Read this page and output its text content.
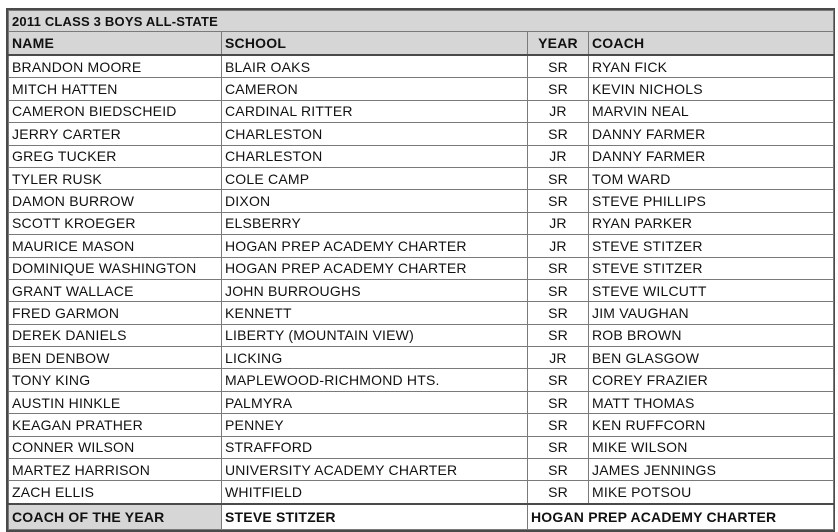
2011 CLASS 3 BOYS ALL-STATE			
NAME	SCHOOL	YEAR	COACH
BRANDON MOORE	BLAIR OAKS	SR	RYAN FICK
MITCH HATTEN	CAMERON	SR	KEVIN NICHOLS
CAMERON BIEDSCHEID	CARDINAL RITTER	JR	MARVIN NEAL
JERRY CARTER	CHARLESTON	SR	DANNY FARMER
GREG TUCKER	CHARLESTON	JR	DANNY FARMER
TYLER RUSK	COLE CAMP	SR	TOM WARD
DAMON BURROW	DIXON	SR	STEVE PHILLIPS
SCOTT KROEGER	ELSBERRY	JR	RYAN PARKER
MAURICE MASON	HOGAN PREP ACADEMY CHARTER	JR	STEVE STITZER
DOMINIQUE WASHINGTON	HOGAN PREP ACADEMY CHARTER	SR	STEVE STITZER
GRANT WALLACE	JOHN BURROUGHS	SR	STEVE WILCUTT
FRED GARMON	KENNETT	SR	JIM VAUGHAN
DEREK DANIELS	LIBERTY (MOUNTAIN VIEW)	SR	ROB BROWN
BEN DENBOW	LICKING	JR	BEN GLASGOW
TONY KING	MAPLEWOOD-RICHMOND HTS.	SR	COREY FRAZIER
AUSTIN HINKLE	PALMYRA	SR	MATT THOMAS
KEAGAN PRATHER	PENNEY	SR	KEN RUFFCORN
CONNER WILSON	STRAFFORD	SR	MIKE WILSON
MARTEZ HARRISON	UNIVERSITY ACADEMY CHARTER	SR	JAMES JENNINGS
ZACH ELLIS	WHITFIELD	SR	MIKE POTSOU
COACH OF THE YEAR	STEVE STITZER	HOGAN PREP ACADEMY CHARTER	
